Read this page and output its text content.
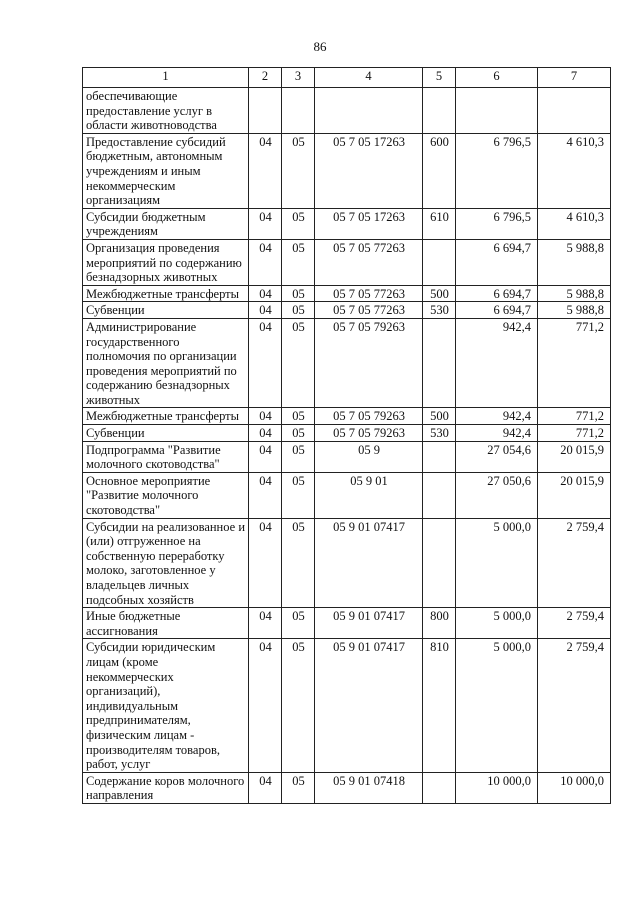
86
1	2	3	4	5	6	7
обеспечивающие предоставление услуг в области животноводства						
Предоставление субсидий бюджетным, автономным учреждениям и иным некоммерческим организациям	04	05	05 7 05 17263	600	6 796,5	4 610,3
Субсидии бюджетным учреждениям	04	05	05 7 05 17263	610	6 796,5	4 610,3
Организация проведения мероприятий по содержанию безнадзорных животных	04	05	05 7 05 77263		6 694,7	5 988,8
Межбюджетные трансферты	04	05	05 7 05 77263	500	6 694,7	5 988,8
Субвенции	04	05	05 7 05 77263	530	6 694,7	5 988,8
Администрирование государственного полномочия по организации проведения мероприятий по содержанию безнадзорных животных	04	05	05 7 05 79263		942,4	771,2
Межбюджетные трансферты	04	05	05 7 05 79263	500	942,4	771,2
Субвенции	04	05	05 7 05 79263	530	942,4	771,2
Подпрограмма "Развитие молочного скотоводства"	04	05	05 9		27 054,6	20 015,9
Основное мероприятие "Развитие молочного скотоводства"	04	05	05 9 01		27 050,6	20 015,9
Субсидии на реализованное и (или) отгруженное на собственную переработку молоко, заготовленное у владельцев личных подсобных хозяйств	04	05	05 9 01 07417		5 000,0	2 759,4
Иные бюджетные ассигнования	04	05	05 9 01 07417	800	5 000,0	2 759,4
Субсидии юридическим лицам (кроме некоммерческих организаций), индивидуальным предпринимателям, физическим лицам - производителям товаров, работ, услуг	04	05	05 9 01 07417	810	5 000,0	2 759,4
Содержание коров молочного направления	04	05	05 9 01 07418		10 000,0	10 000,0
